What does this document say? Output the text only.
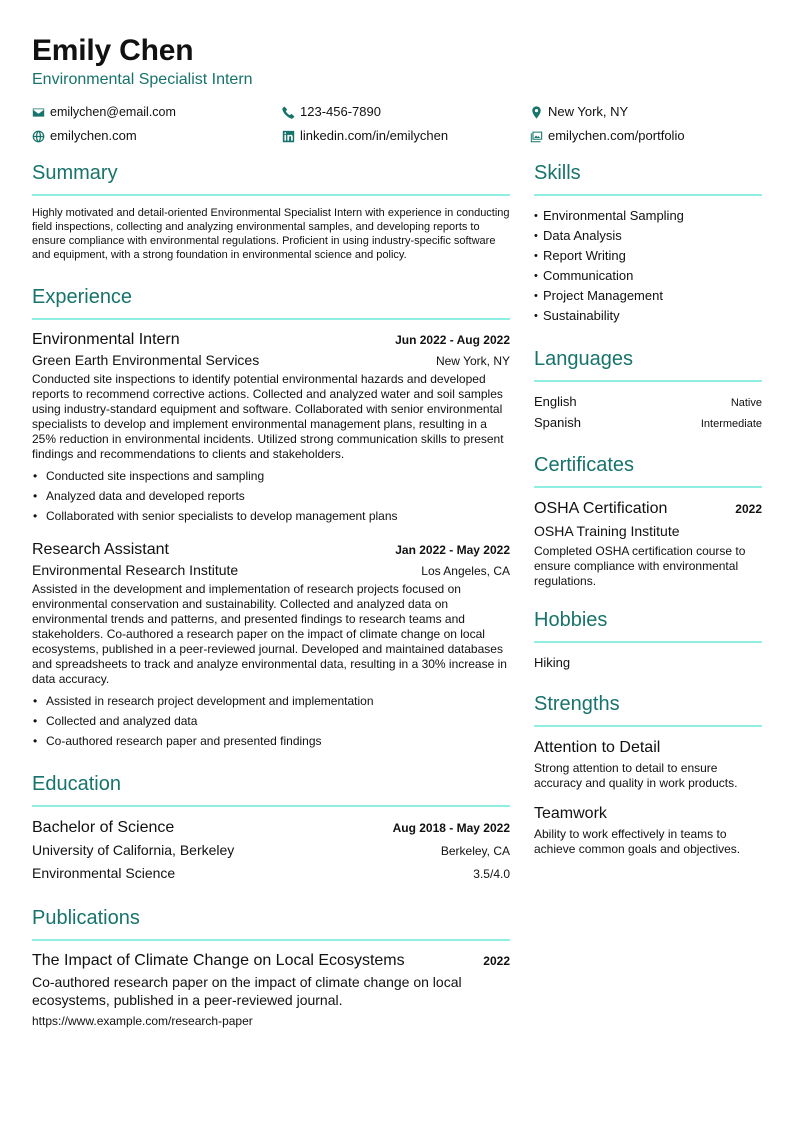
Emily Chen
Environmental Specialist Intern
emilychen@email.com	123-456-7890	New York, NY
emilychen.com	linkedin.com/in/emilychen	emilychen.com/portfolio
Summary
Highly motivated and detail-oriented Environmental Specialist Intern with experience in conducting field inspections, collecting and analyzing environmental samples, and developing reports to ensure compliance with environmental regulations. Proficient in using industry-specific software and equipment, with a strong foundation in environmental science and policy.
Experience
Environmental Intern	Jun 2022 - Aug 2022
Green Earth Environmental Services	New York, NY
Conducted site inspections to identify potential environmental hazards and developed reports to recommend corrective actions. Collected and analyzed water and soil samples using industry-standard equipment and software. Collaborated with senior environmental specialists to develop and implement environmental management plans, resulting in a 25% reduction in environmental incidents. Utilized strong communication skills to present findings and recommendations to clients and stakeholders.
• Conducted site inspections and sampling
• Analyzed data and developed reports
• Collaborated with senior specialists to develop management plans
Research Assistant	Jan 2022 - May 2022
Environmental Research Institute	Los Angeles, CA
Assisted in the development and implementation of research projects focused on environmental conservation and sustainability. Collected and analyzed data on environmental trends and patterns, and presented findings to research teams and stakeholders. Co-authored a research paper on the impact of climate change on local ecosystems, published in a peer-reviewed journal. Developed and maintained databases and spreadsheets to track and analyze environmental data, resulting in a 30% increase in data accuracy.
• Assisted in research project development and implementation
• Collected and analyzed data
• Co-authored research paper and presented findings
Education
Bachelor of Science	Aug 2018 - May 2022
University of California, Berkeley	Berkeley, CA
Environmental Science	3.5/4.0
Publications
The Impact of Climate Change on Local Ecosystems	2022
Co-authored research paper on the impact of climate change on local ecosystems, published in a peer-reviewed journal.
https://www.example.com/research-paper
Skills
• Environmental Sampling
• Data Analysis
• Report Writing
• Communication
• Project Management
• Sustainability
Languages
English	Native
Spanish	Intermediate
Certificates
OSHA Certification	2022
OSHA Training Institute
Completed OSHA certification course to ensure compliance with environmental regulations.
Hobbies
Hiking
Strengths
Attention to Detail
Strong attention to detail to ensure accuracy and quality in work products.
Teamwork
Ability to work effectively in teams to achieve common goals and objectives.
